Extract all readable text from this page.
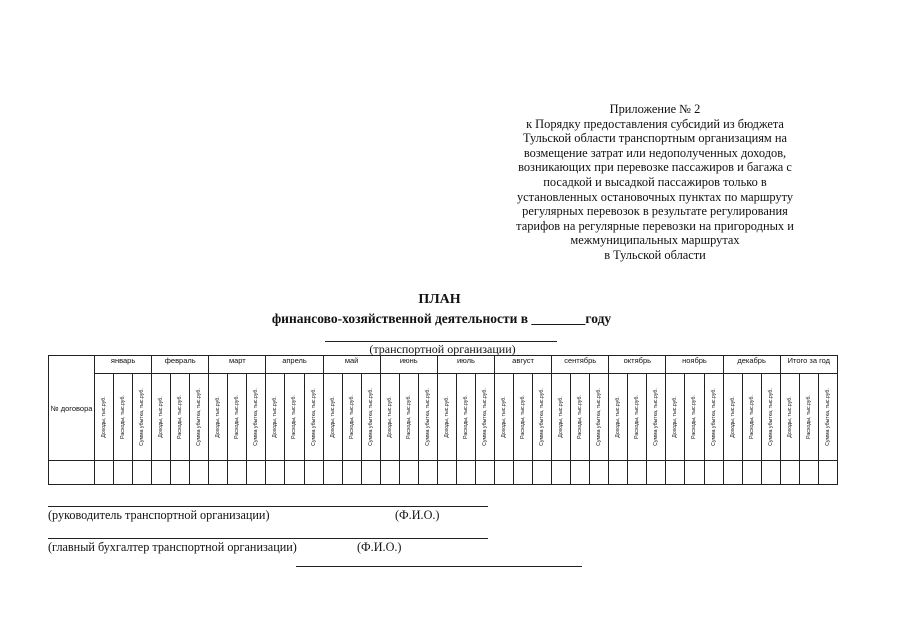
Приложение № 2
к Порядку предоставления субсидий из бюджета
Тульской области транспортным организациям на
возмещение затрат или недополученных доходов,
возникающих при перевозке пассажиров и багажа с
посадкой и высадкой пассажиров только в
установленных остановочных пунктах по маршруту
регулярных перевозок в результате регулирования
тарифов на регулярные перевозки на пригородных и
межмуниципальных маршрутах
в Тульской области
ПЛАН
финансово-хозяйственной деятельности в ________году
(транспортной организации)
№ договора	январь			февраль			март			апрель			май			июнь			июль			август			сентябрь			октябрь			ноябрь			декабрь			Итого за год		

	Доходы, тыс.руб.	Расходы, тыс.руб.	Сумма убытка, тыс.руб.	Доходы, тыс.руб.	Расходы, тыс.руб.	Сумма убытка, тыс.руб.	Доходы, тыс.руб.	Расходы, тыс.руб.	Сумма убытка, тыс.руб.	Доходы, тыс.руб.	Расходы, тыс.руб.	Сумма убытка, тыс.руб.	Доходы, тыс.руб.	Расходы, тыс.руб.	Сумма убытка, тыс.руб.	Доходы, тыс.руб.	Расходы, тыс.руб.	Сумма убытка, тыс.руб.	Доходы, тыс.руб.	Расходы, тыс.руб.	Сумма убытка, тыс.руб.	Доходы, тыс.руб.	Расходы, тыс.руб.	Сумма убытка, тыс.руб.	Доходы, тыс.руб.	Расходы, тыс.руб.	Сумма убытка, тыс.руб.	Доходы, тыс.руб.	Расходы, тыс.руб.	Сумма убытка, тыс.руб.	Доходы, тыс.руб.	Расходы, тыс.руб.	Сумма убытка, тыс.руб.	Доходы, тыс.руб.	Расходы, тыс.руб.	Сумма убытка, тыс.руб.	Доходы, тыс.руб.	Расходы, тыс.руб.	Сумма убытка, тыс.руб.

(руководитель транспортной организации)	(Ф.И.О.)
(главный бухгалтер транспортной организации)	(Ф.И.О.)
